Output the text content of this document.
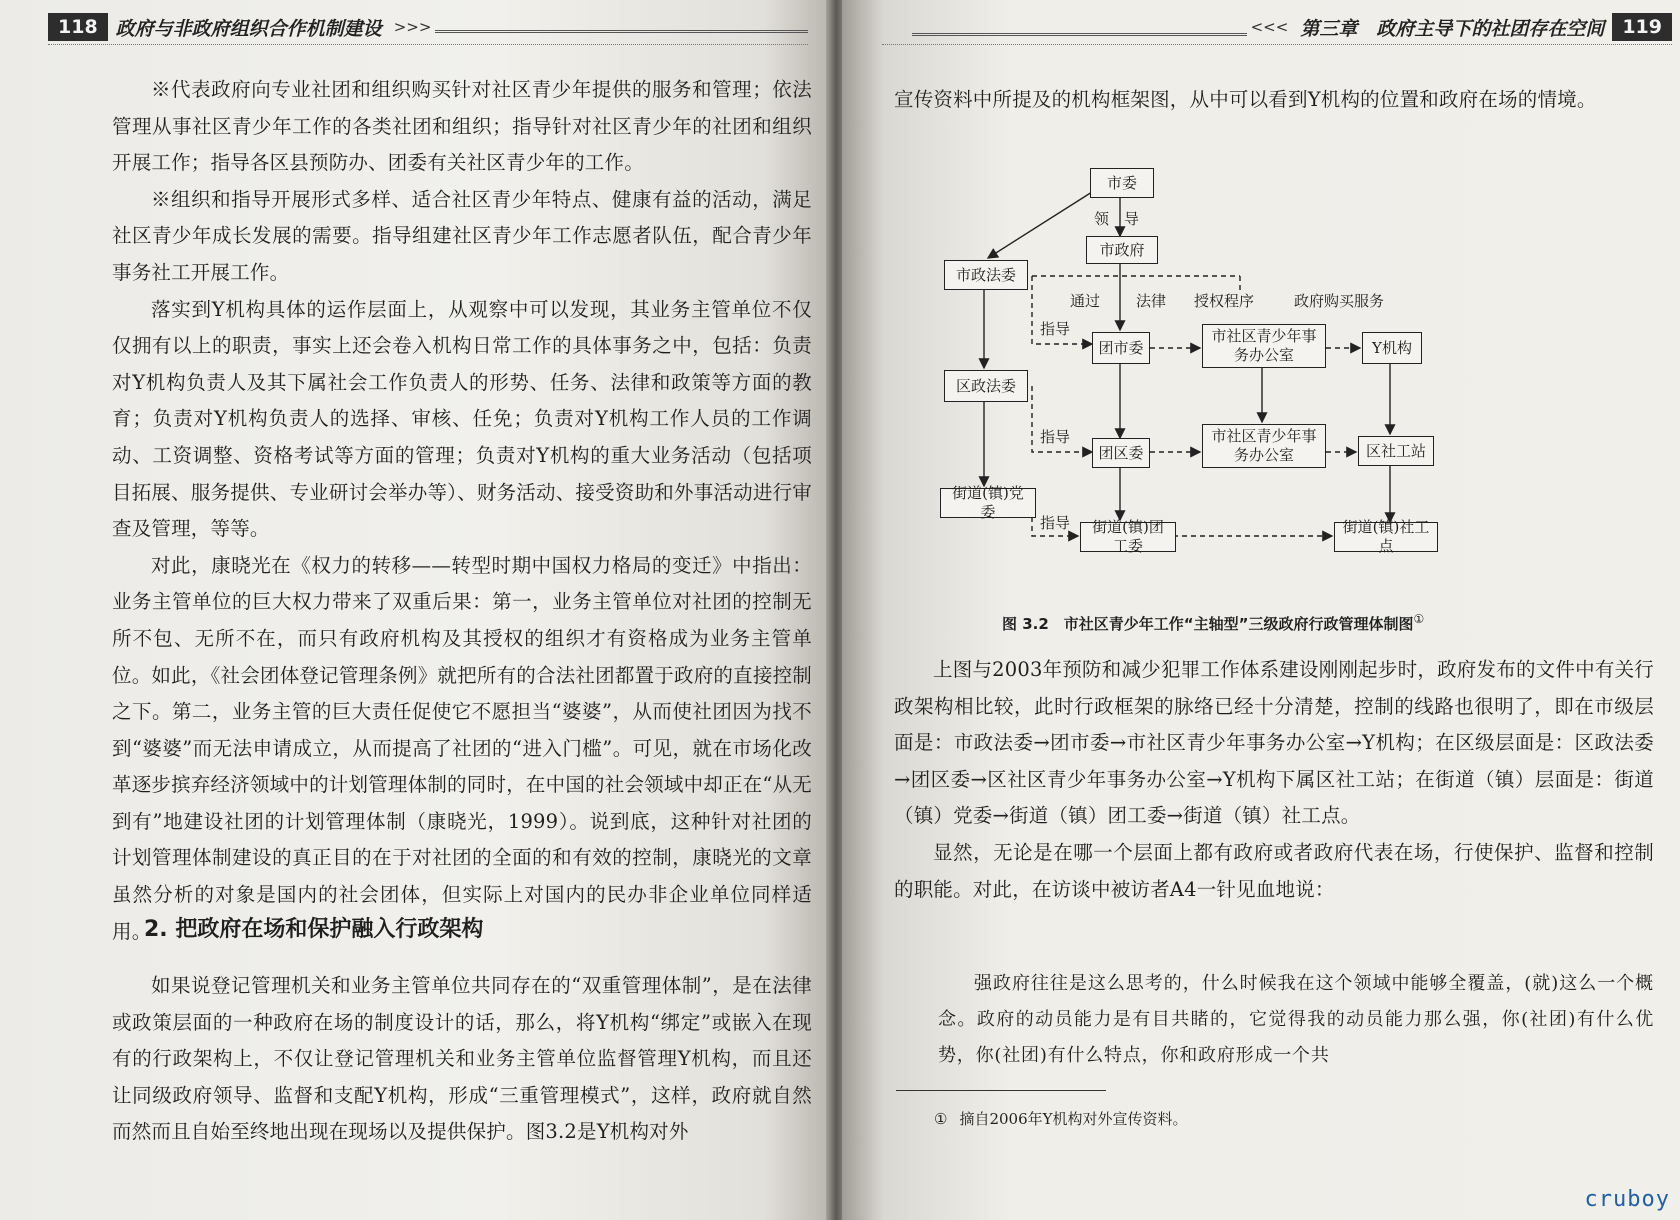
118 政府与非政府组织合作机制建设 >>>

※代表政府向专业社团和组织购买针对社区青少年提供的服务和管理；依法管理从事社区青少年工作的各类社团和组织；指导针对社区青少年的社团和组织开展工作；指导各区县预防办、团委有关社区青少年的工作。

※组织和指导开展形式多样、适合社区青少年特点、健康有益的活动，满足社区青少年成长发展的需要。指导组建社区青少年工作志愿者队伍，配合青少年事务社工开展工作。

落实到Y机构具体的运作层面上，从观察中可以发现，其业务主管单位不仅仅拥有以上的职责，事实上还会卷入机构日常工作的具体事务之中，包括：负责对Y机构负责人及其下属社会工作负责人的形势、任务、法律和政策等方面的教育；负责对Y机构负责人的选择、审核、任免；负责对Y机构工作人员的工作调动、工资调整、资格考试等方面的管理；负责对Y机构的重大业务活动（包括项目拓展、服务提供、专业研讨会举办等）、财务活动、接受资助和外事活动进行审查及管理，等等。

对此，康晓光在《权力的转移——转型时期中国权力格局的变迁》中指出：业务主管单位的巨大权力带来了双重后果：第一，业务主管单位对社团的控制无所不包、无所不在，而只有政府机构及其授权的组织才有资格成为业务主管单位。如此，《社会团体登记管理条例》就把所有的合法社团都置于政府的直接控制之下。第二，业务主管的巨大责任促使它不愿担当“婆婆”，从而使社团因为找不到“婆婆”而无法申请成立，从而提高了社团的“进入门槛”。可见，就在市场化改革逐步摈弃经济领域中的计划管理体制的同时，在中国的社会领域中却正在“从无到有”地建设社团的计划管理体制（康晓光，1999）。说到底，这种针对社团的计划管理体制建设的真正目的在于对社团的全面的和有效的控制，康晓光的文章虽然分析的对象是国内的社会团体，但实际上对国内的民办非企业单位同样适用。

2. 把政府在场和保护融入行政架构

如果说登记管理机关和业务主管单位共同存在的“双重管理体制”，是在法律或政策层面的一种政府在场的制度设计的话，那么，将Y机构“绑定”或嵌入在现有的行政架构上，不仅让登记管理机关和业务主管单位监督管理Y机构，而且还让同级政府领导、监督和支配Y机构，形成“三重管理模式”，这样，政府就自然而然而且自始至终地出现在现场以及提供保护。图3.2是Y机构对外

<<< 第三章　政府主导下的社团存在空间 119

宣传资料中所提及的机构框架图，从中可以看到Y机构的位置和政府在场的情境。

市委
领　导
市政府
市政法委
通过 法律 授权程序	政府购买服务
指导
团市委
市社区青少年事务办公室	Y机构
区政法委
指导
团区委
市社区青少年事务办公室	区社工站
街道(镇)党委
指导	街道(镇)团工委
街道(镇)社工点
图 3.2　市社区青少年工作“主轴型”三级政府行政管理体制图①

上图与2003年预防和减少犯罪工作体系建设刚刚起步时，政府发布的文件中有关行政架构相比较，此时行政框架的脉络已经十分清楚，控制的线路也很明了，即在市级层面是：市政法委→团市委→市社区青少年事务办公室→Y机构；在区级层面是：区政法委→团区委→区社区青少年事务办公室→Y机构下属区社工站；在街道（镇）层面是：街道（镇）党委→街道（镇）团工委→街道（镇）社工点。

显然，无论是在哪一个层面上都有政府或者政府代表在场，行使保护、监督和控制的职能。对此，在访谈中被访者A4一针见血地说：

强政府往往是这么思考的，什么时候我在这个领域中能够全覆盖，(就)这么一个概念。政府的动员能力是有目共睹的，它觉得我的动员能力那么强，你(社团)有什么优势，你(社团)有什么特点，你和政府形成一个共

① 摘自2006年Y机构对外宣传资料。
cruboy
